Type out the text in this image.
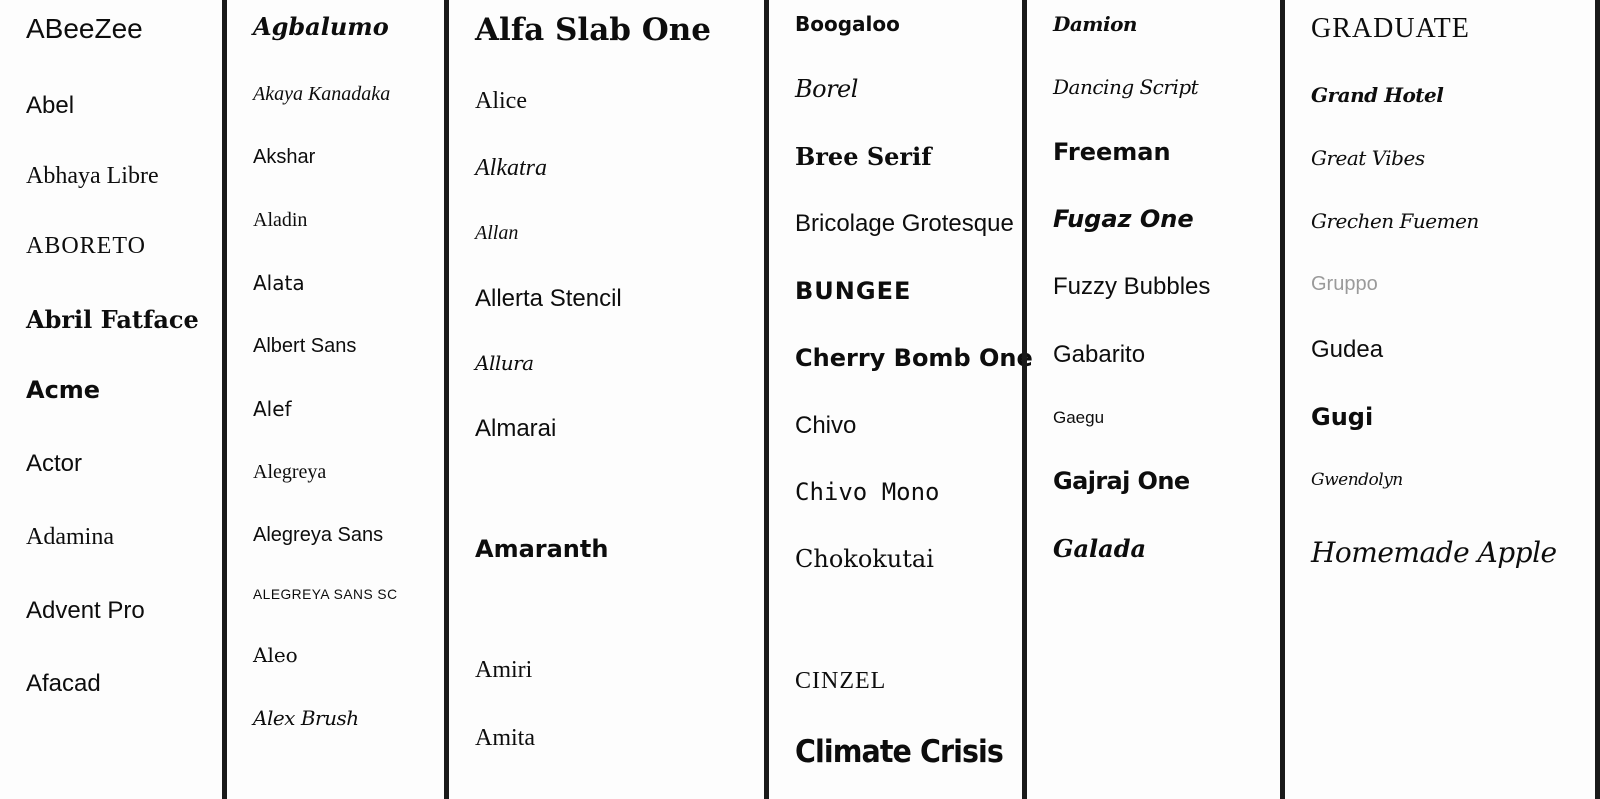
ABeeZee
Abel
Abhaya Libre
ABORETO
Abril Fatface
Acme
Actor
Adamina
Advent Pro
Afacad
Agbalumo
Akaya Kanadaka
Akshar
Aladin
Alata
Albert Sans
Alef
Alegreya
Alegreya Sans
ALEGREYA SANS SC
Aleo
Alex Brush
Alfa Slab One
Alice
Alkatra
Allan
Allerta Stencil
Allura
Almarai
Amaranth
Amiri
Amita
Boogaloo
Borel
Bree Serif
Bricolage Grotesque
BUNGEE
Cherry Bomb One
Chivo
Chivo Mono
Chokokutai
CINZEL
Climate Crisis
Damion
Dancing Script
Freeman
Fugaz One
Fuzzy Bubbles
Gabarito
Gaegu
Gajraj One
Galada
GRADUATE
Grand Hotel
Great Vibes
Grechen Fuemen
Gruppo
Gudea
Gugi
Gwendolyn
Homemade Apple
